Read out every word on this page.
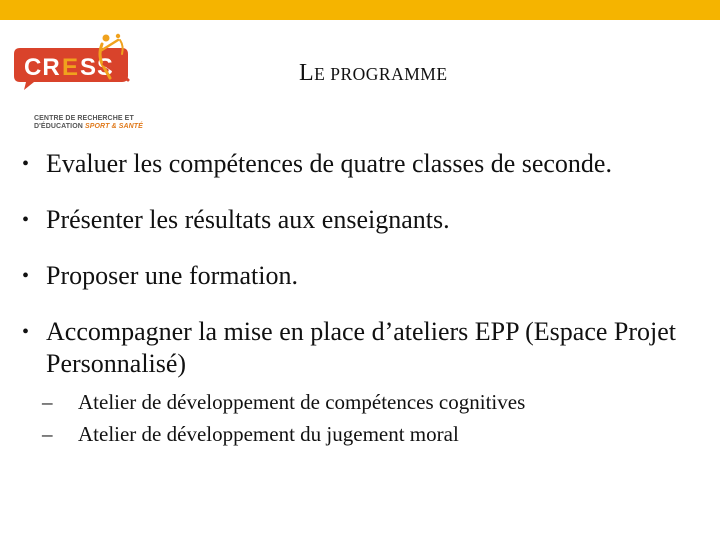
CR E SS
CENTRE DE RECHERCHE ET
D'ÉDUCATION SPORT & SANTÉ
LE PROGRAMME
• Evaluer les compétences de quatre classes de seconde.
• Présenter les résultats aux enseignants.
• Proposer une formation.
• Accompagner la mise en place d’ateliers EPP (Espace Projet Personnalisé)
– Atelier de développement de compétences cognitives
– Atelier de développement du jugement moral
